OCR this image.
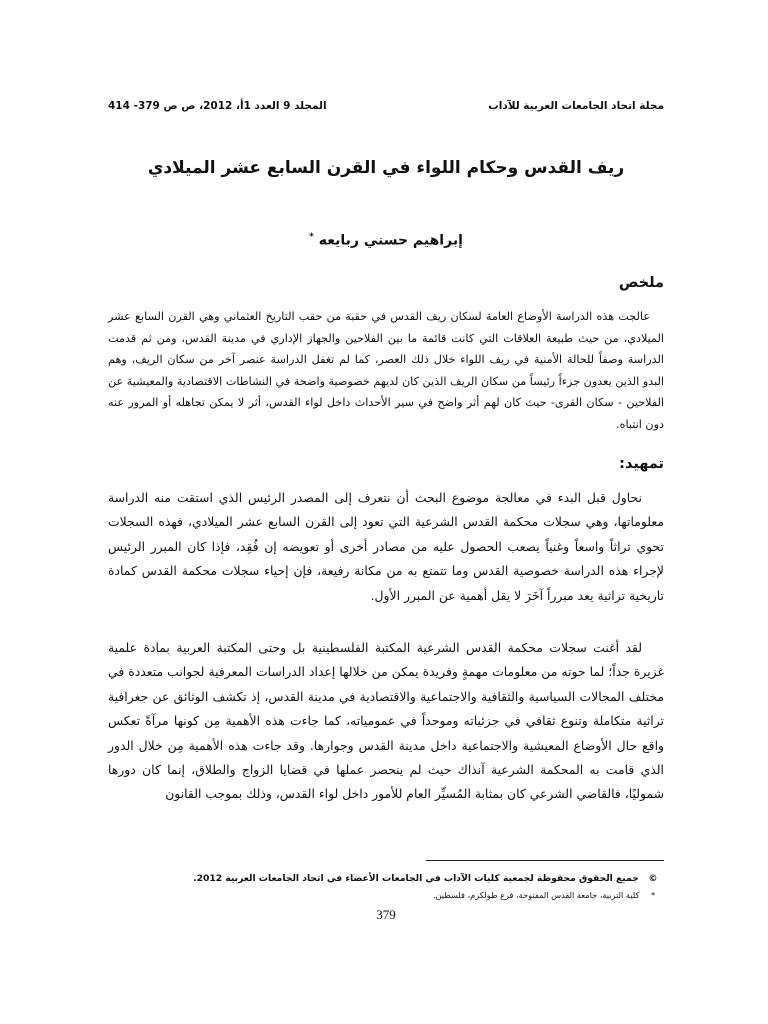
مجلة اتحاد الجامعات العربية للآداب
المجلد 9 العدد 1أ، 2012، ص ص 379- 414
ريف القدس وحكام اللواء في القرن السابع عشر الميلادي
إبراهيم حسني ربايعه *
ملخص
عالجت هذه الدراسة الأوضاع العامة لسكان ريف القدس في حقبة من حقب التاريخ العثماني وهي القرن السابع عشر الميلادي، من حيث طبيعة العلاقات التي كانت قائمة ما بين الفلاحين والجهاز الإداري في مدينة القدس، ومن ثم قدمت الدراسة وصفاً للحالة الأمنية في ريف اللواء خلال ذلك العصر، كما لم تغفل الدراسة عنصر آخر من سكان الريف، وهم البدو الذين يعدون جزءاً رئيساً من سكان الريف الذين كان لديهم خصوصية واضحة في النشاطات الاقتصادية والمعيشية عن الفلاحين - سكان القرى- حيث كان لهم أثر واضح في سير الأحداث داخل لواء القدس، أثر لا يمكن تجاهله أو المرور عنه دون انتباه.
تمهيد:
نحاول قبل البدء في معالجة موضوع البحث أن نتعرف إلى المصدر الرئيس الذي استقت منه الدراسة معلوماتها، وهي سجلات محكمة القدس الشرعية التي تعود إلى القرن السابع عشر الميلادي، فهذه السجلات تحوي تراثاً واسعاً وغنياً يصعب الحصول عليه من مصادر أخرى أو تعويضه إن فُقِد، فإذا كان المبرر الرئيس لإجراء هذه الدراسة خصوصية القدس وما تتمتع به من مكانة رفيعة، فإن إحياء سجلات محكمة القدس كمادة تاريخية تراثية يعد مبرراً آخَرَ لا يقل أهمية عن المبرر الأول.
لقد أغنت سجلات محكمة القدس الشرعية المكتبة الفلسطينية بل وحتى المكتبة العربية بمادة علمية غزيرة جداً؛ لما حوته من معلومات مهمةٍ وفريدة يمكن من خلالها إعداد الدراسات المعرفية لجوانب متعددة في مختلف المجالات السياسية والثقافية والاجتماعية والاقتصادية في مدينة القدس، إذ تكشف الوثائق عن جغرافية تراثية متكاملة وتنوع ثقافي في جزئياته وموحداً في عمومياته، كما جاءت هذه الأهمية مِن كونها مرآةً تعكس واقع حال الأوضاع المعيشية والاجتماعية داخل مدينة القدس وجوارها. وقد جاءت هذه الأهمية مِن خلال الدور الذي قامت به المحكمة الشرعية آنذاك حيث لم ينحصر عملها في قضايا الزواج والطلاق، إنما كان دورها شموليًا، فالقاضي الشرعي كان بمثابة المُسيِّر العام للأمور داخل لواء القدس، وذلك بموجب القانون
© جميع الحقوق محفوظة لجمعية كليات الآداب في الجامعات الأعضاء في اتحاد الجامعات العربية 2012.
* كلية التربية، جامعة القدس المفتوحة، فرع طولكرم، فلسطين.
379
